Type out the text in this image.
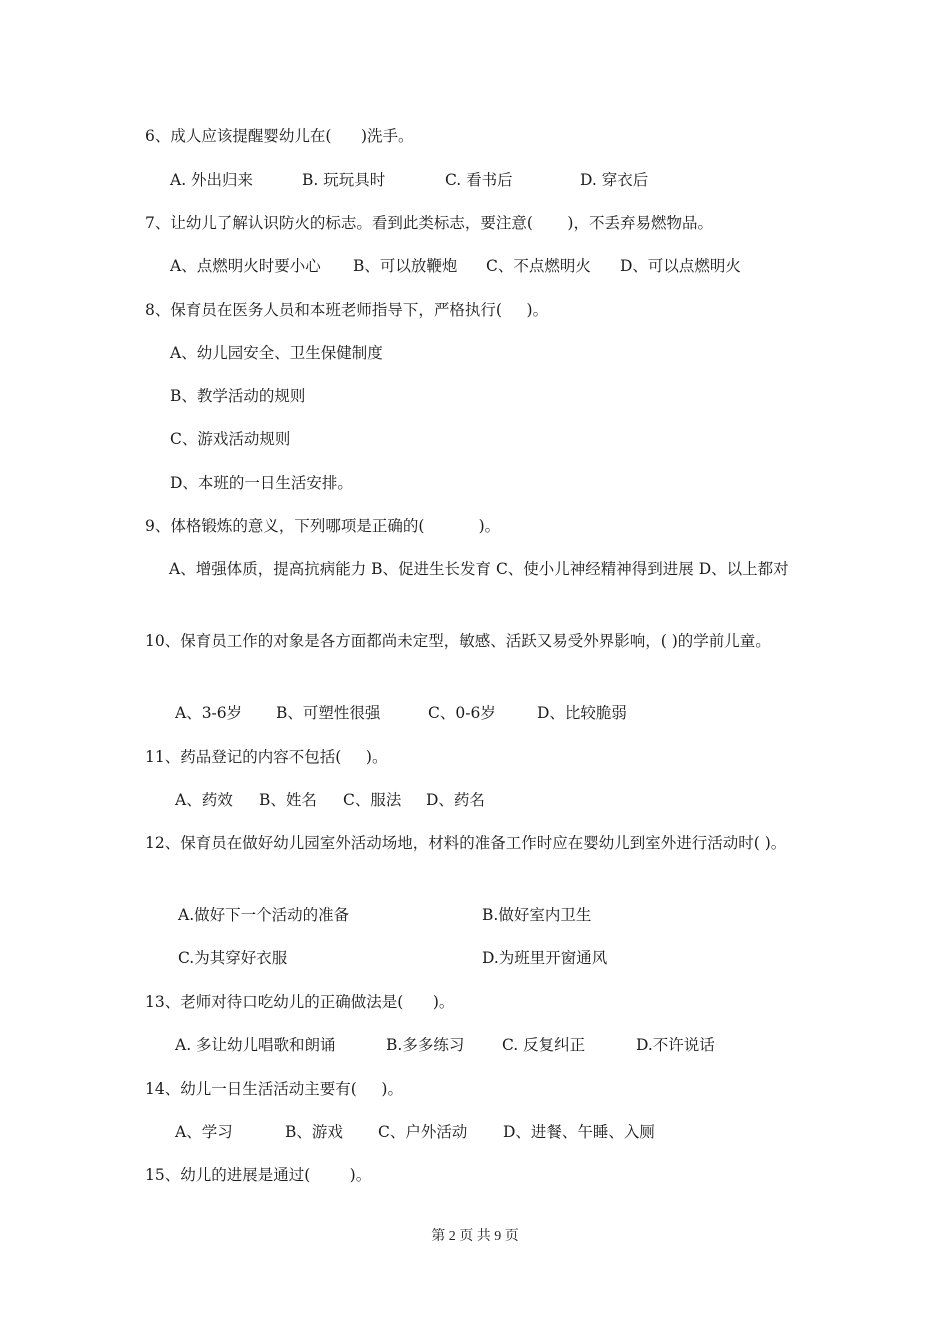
6、成人应该提醒婴幼儿在(      )洗手。
A. 外出归来	B. 玩玩具时	C. 看书后	D. 穿衣后
7、让幼儿了解认识防火的标志。看到此类标志，要注意(       )，不丢弃易燃物品。
A、点燃明火时要小心 B、可以放鞭炮 C、不点燃明火 D、可以点燃明火
8、保育员在医务人员和本班老师指导下，严格执行(     )。
A、幼儿园安全、卫生保健制度
B、教学活动的规则
C、游戏活动规则
D、本班的一日生活安排。
9、体格锻炼的意义，下列哪项是正确的(           )。
A、增强体质，提高抗病能力 B、促进生长发育 C、使小儿神经精神得到进展 D、以上都对
10、保育员工作的对象是各方面都尚未定型，敏感、活跃又易受外界影响，( )的学前儿童。
A、3-6岁 B、可塑性很强	C、0-6岁	D、比较脆弱
11、药品登记的内容不包括(     )。
A、药效 B、姓名 C、服法 D、药名
12、保育员在做好幼儿园室外活动场地，材料的准备工作时应在婴幼儿到室外进行活动时( )。
A.做好下一个活动的准备	B.做好室内卫生
C.为其穿好衣服	D.为班里开窗通风
13、老师对待口吃幼儿的正确做法是(      )。
A. 多让幼儿唱歌和朗诵	B.多多练习 C. 反复纠正	D.不许说话
14、幼儿一日生活活动主要有(     )。
A、学习	B、游戏 C、户外活动 D、进餐、午睡、入厕
15、幼儿的进展是通过(        )。
第 2 页 共 9 页
